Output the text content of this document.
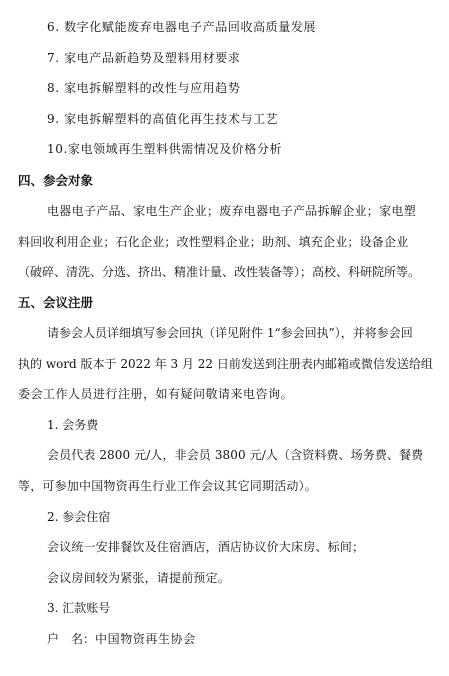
6. 数字化赋能废弃电器电子产品回收高质量发展
7. 家电产品新趋势及塑料用材要求
8. 家电拆解塑料的改性与应用趋势
9. 家电拆解塑料的高值化再生技术与工艺
10.家电领域再生塑料供需情况及价格分析
四、参会对象
电器电子产品、家电生产企业；废弃电器电子产品拆解企业；家电塑
料回收利用企业；石化企业；改性塑料企业；助剂、填充企业；设备企业
（破碎、清洗、分选、挤出、精准计量、改性装备等）；高校、科研院所等。
五、会议注册
请参会人员详细填写参会回执（详见附件 1“参会回执”），并将参会回
执的 word 版本于 2022 年 3 月 22 日前发送到注册表内邮箱或微信发送给组
委会工作人员进行注册，如有疑问敬请来电咨询。
1. 会务费
会员代表 2800 元/人，非会员 3800 元/人（含资料费、场务费、餐费
等，可参加中国物资再生行业工作会议其它同期活动）。
2. 参会住宿
会议统一安排餐饮及住宿酒店，酒店协议价大床房、标间；
会议房间较为紧张，请提前预定。
3. 汇款账号
户　名：中国物资再生协会
